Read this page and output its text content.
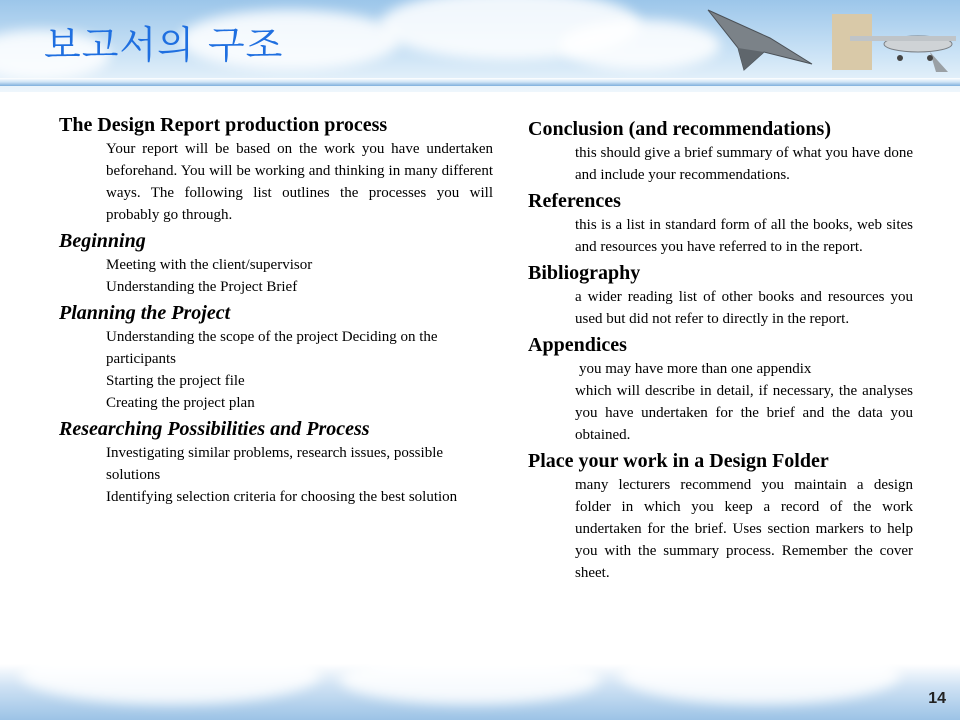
보고서의 구조

The Design Report production process

Your report will be based on the work you have undertaken beforehand. You will be working and thinking in many different ways. The following list outlines the processes you will probably go through.

Beginning

Meeting with the client/supervisor
Understanding the Project Brief

Planning the Project

Understanding the scope of the project Deciding on the participants
Starting the project file
Creating the project plan

Researching Possibilities and Process

Investigating similar problems, research issues, possible solutions
Identifying selection criteria for choosing the best solution

Conclusion (and recommendations)

this should give a brief summary of what you have done and include your recommendations.

References

this is a list in standard form of all the books, web sites and resources you have referred to in the report.

Bibliography

a wider reading list of other books and resources you used but did not refer to directly in the report.

Appendices

you may have more than one appendix

which will describe in detail, if necessary, the analyses you have undertaken for the brief and the data you obtained.

Place your work in a Design Folder

many lecturers recommend you maintain a design folder in which you keep a record of the work undertaken for the brief. Uses section markers to help you with the summary process. Remember the cover sheet.

14
